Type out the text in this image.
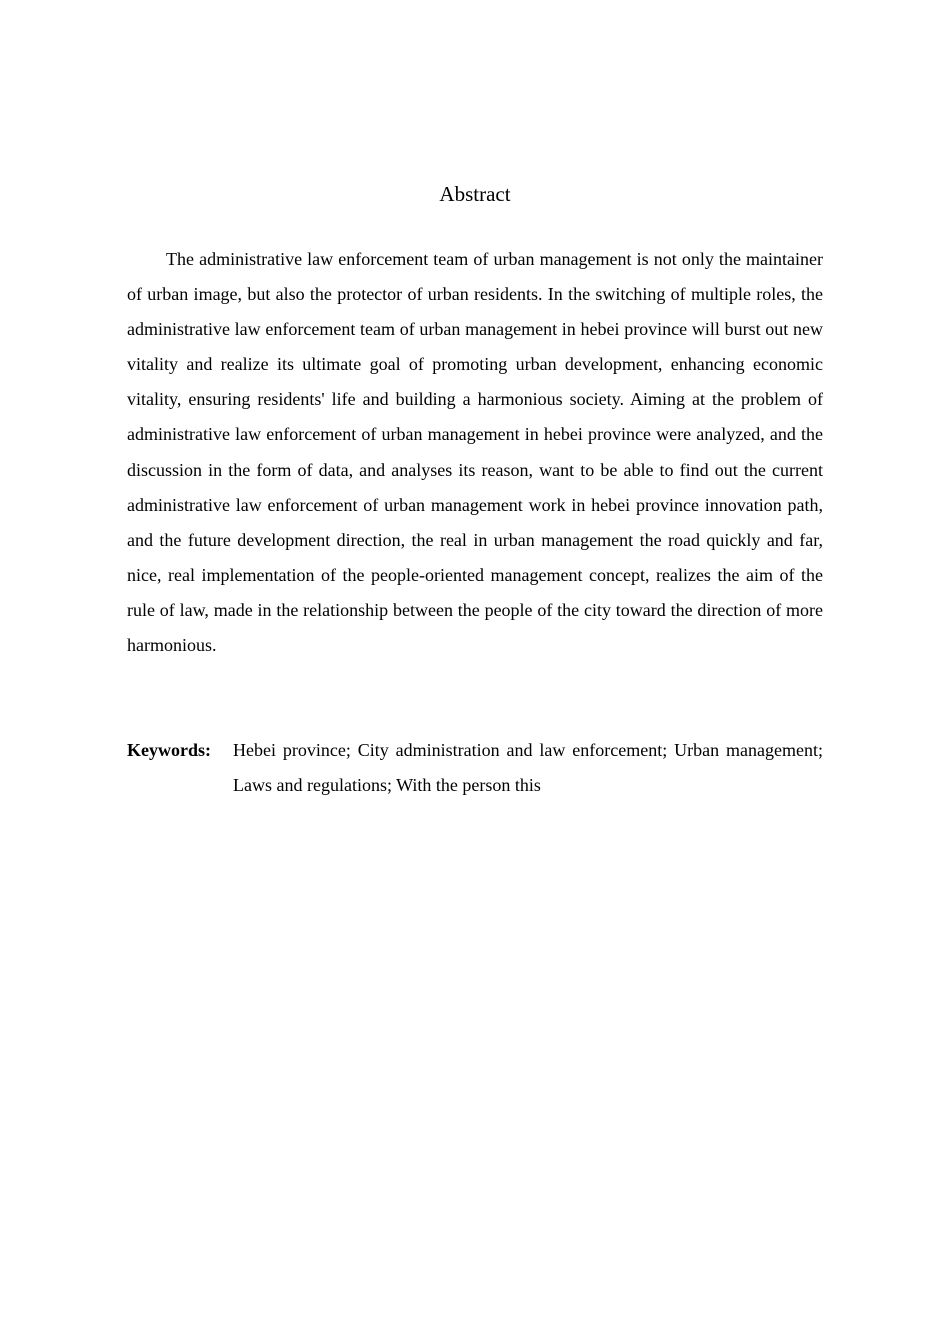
Abstract

The administrative law enforcement team of urban management is not only the maintainer of urban image, but also the protector of urban residents. In the switching of multiple roles, the administrative law enforcement team of urban management in hebei province will burst out new vitality and realize its ultimate goal of promoting urban development, enhancing economic vitality, ensuring residents' life and building a harmonious society. Aiming at the problem of administrative law enforcement of urban management in hebei province were analyzed, and the discussion in the form of data, and analyses its reason, want to be able to find out the current administrative law enforcement of urban management work in hebei province innovation path, and the future development direction, the real in urban management the road quickly and far, nice, real implementation of the people-oriented management concept, realizes the aim of the rule of law, made in the relationship between the people of the city toward the direction of more harmonious.

Keywords:	Hebei province; City administration and law enforcement; Urban management; Laws and regulations; With the person this
